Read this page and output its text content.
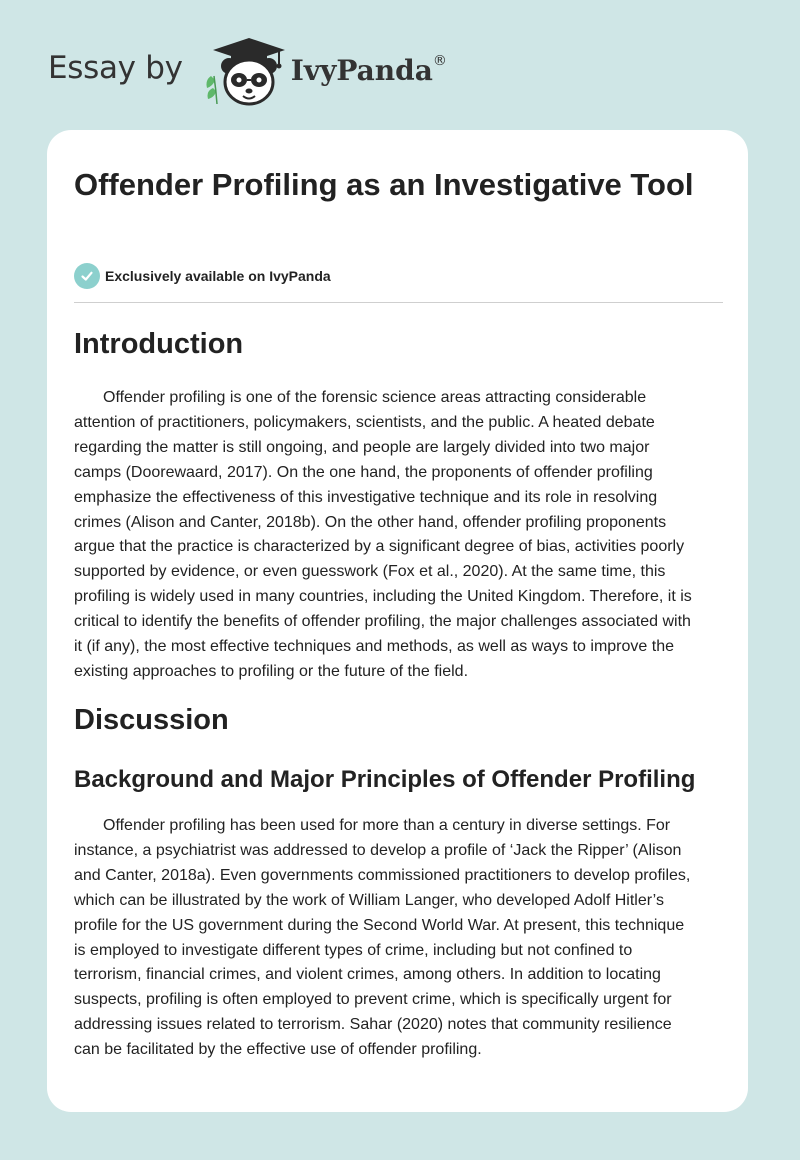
Essay by	IvyPanda®
Offender Profiling as an Investigative Tool
Exclusively available on IvyPanda
Introduction

Offender profiling is one of the forensic science areas attracting considerable
attention of practitioners, policymakers, scientists, and the public. A heated debate
regarding the matter is still ongoing, and people are largely divided into two major
camps (Doorewaard, 2017). On the one hand, the proponents of offender profiling
emphasize the effectiveness of this investigative technique and its role in resolving
crimes (Alison and Canter, 2018b). On the other hand, offender profiling proponents
argue that the practice is characterized by a significant degree of bias, activities poorly
supported by evidence, or even guesswork (Fox et al., 2020). At the same time, this
profiling is widely used in many countries, including the United Kingdom. Therefore, it is
critical to identify the benefits of offender profiling, the major challenges associated with
it (if any), the most effective techniques and methods, as well as ways to improve the
existing approaches to profiling or the future of the field.

Discussion
Background and Major Principles of Offender Profiling

Offender profiling has been used for more than a century in diverse settings. For
instance, a psychiatrist was addressed to develop a profile of ‘Jack the Ripper’ (Alison
and Canter, 2018a). Even governments commissioned practitioners to develop profiles,
which can be illustrated by the work of William Langer, who developed Adolf Hitler’s
profile for the US government during the Second World War. At present, this technique
is employed to investigate different types of crime, including but not confined to
terrorism, financial crimes, and violent crimes, among others. In addition to locating
suspects, profiling is often employed to prevent crime, which is specifically urgent for
addressing issues related to terrorism. Sahar (2020) notes that community resilience
can be facilitated by the effective use of offender profiling.
